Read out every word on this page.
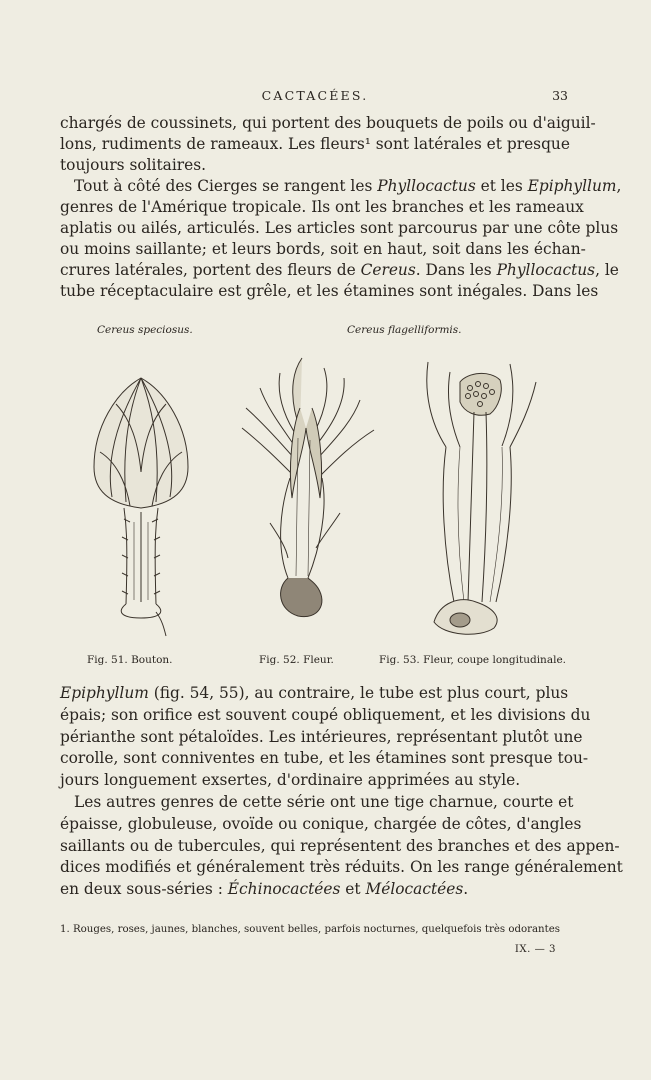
CACTACÉES.	33
chargés de coussinets, qui portent des bouquets de poils ou d'aiguil-
lons, rudiments de rameaux. Les fleurs¹ sont latérales et presque
toujours solitaires.
Tout à côté des Cierges se rangent les Phyllocactus et les Epiphyllum,
genres de l'Amérique tropicale. Ils ont les branches et les rameaux
aplatis ou ailés, articulés. Les articles sont parcourus par une côte plus
ou moins saillante; et leurs bords, soit en haut, soit dans les échan-
crures latérales, portent des fleurs de Cereus. Dans les Phyllocactus, le
tube réceptaculaire est grêle, et les étamines sont inégales. Dans les
Cereus speciosus.	Cereus flagelliformis.
Fig. 51. Bouton.	Fig. 52. Fleur.	Fig. 53. Fleur, coupe longitudinale.
Epiphyllum (fig. 54, 55), au contraire, le tube est plus court, plus
épais; son orifice est souvent coupé obliquement, et les divisions du
périanthe sont pétaloïdes. Les intérieures, représentant plutôt une
corolle, sont conniventes en tube, et les étamines sont presque tou-
jours longuement exsertes, d'ordinaire apprimées au style.
Les autres genres de cette série ont une tige charnue, courte et
épaisse, globuleuse, ovoïde ou conique, chargée de côtes, d'angles
saillants ou de tubercules, qui représentent des branches et des appen-
dices modifiés et généralement très réduits. On les range généralement
en deux sous-séries : Échinocactées et Mélocactées.
1. Rouges, roses, jaunes, blanches, souvent belles, parfois nocturnes, quelquefois très odorantes
IX. — 3
